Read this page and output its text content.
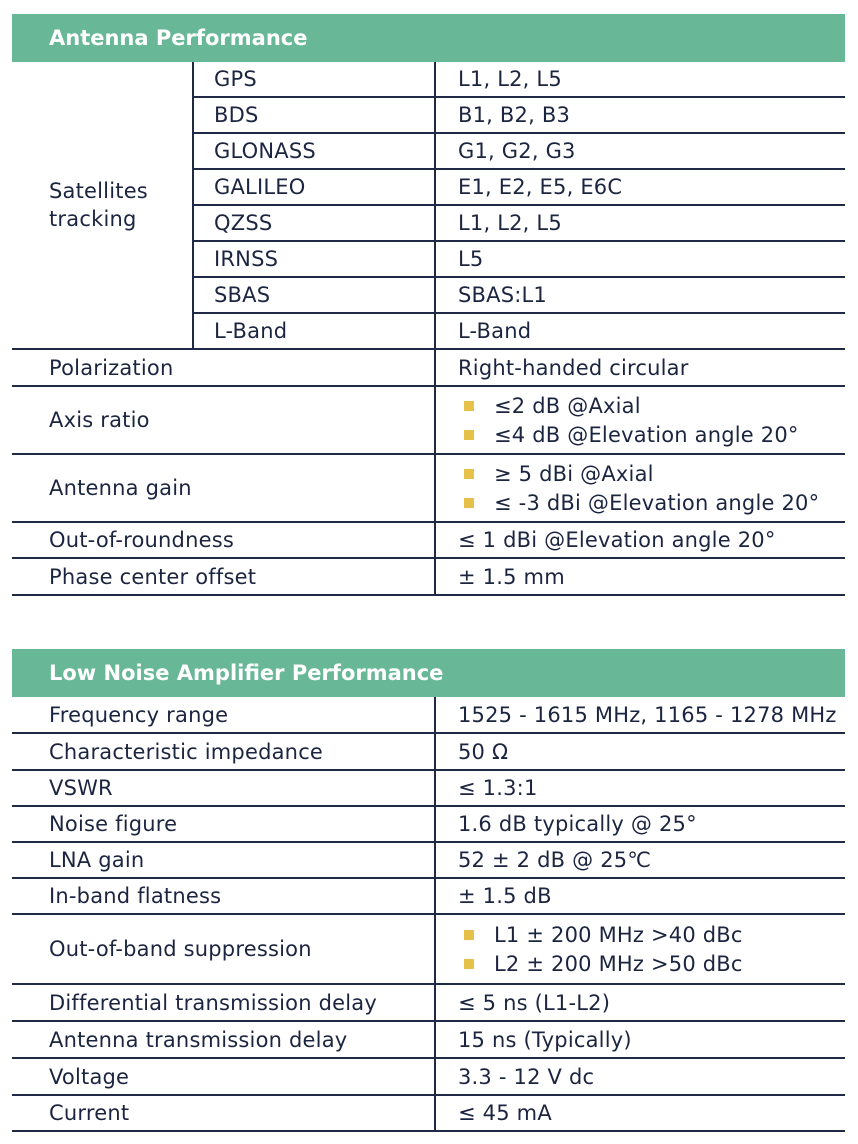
Antenna Performance
Satellites tracking	GPS	L1, L2, L5
	BDS	B1, B2, B3
	GLONASS	G1, G2, G3
	GALILEO	E1, E2, E5, E6C
	QZSS	L1, L2, L5
	IRNSS	L5
	SBAS	SBAS:L1
	L-Band	L-Band
Polarization		Right-handed circular
Axis ratio		≤2 dB @Axial
≤4 dB @Elevation angle 20°

Antenna gain		≥ 5 dBi @Axial
≤ -3 dBi @Elevation angle 20°

Out-of-roundness		≤ 1 dBi @Elevation angle 20°
Phase center offset		± 1.5 mm
Low Noise Amplifier Performance
Frequency range	1525 - 1615 MHz, 1165 - 1278 MHz
Characteristic impedance	50 Ω
VSWR	≤ 1.3:1
Noise figure	1.6 dB typically @ 25°
LNA gain	52 ± 2 dB @ 25℃
In-band flatness	± 1.5 dB
Out-of-band suppression	L1 ± 200 MHz >40 dBc
L2 ± 200 MHz >50 dBc

Differential transmission delay	≤ 5 ns (L1-L2)
Antenna transmission delay	15 ns (Typically)
Voltage	3.3 - 12 V dc
Current	≤ 45 mA
